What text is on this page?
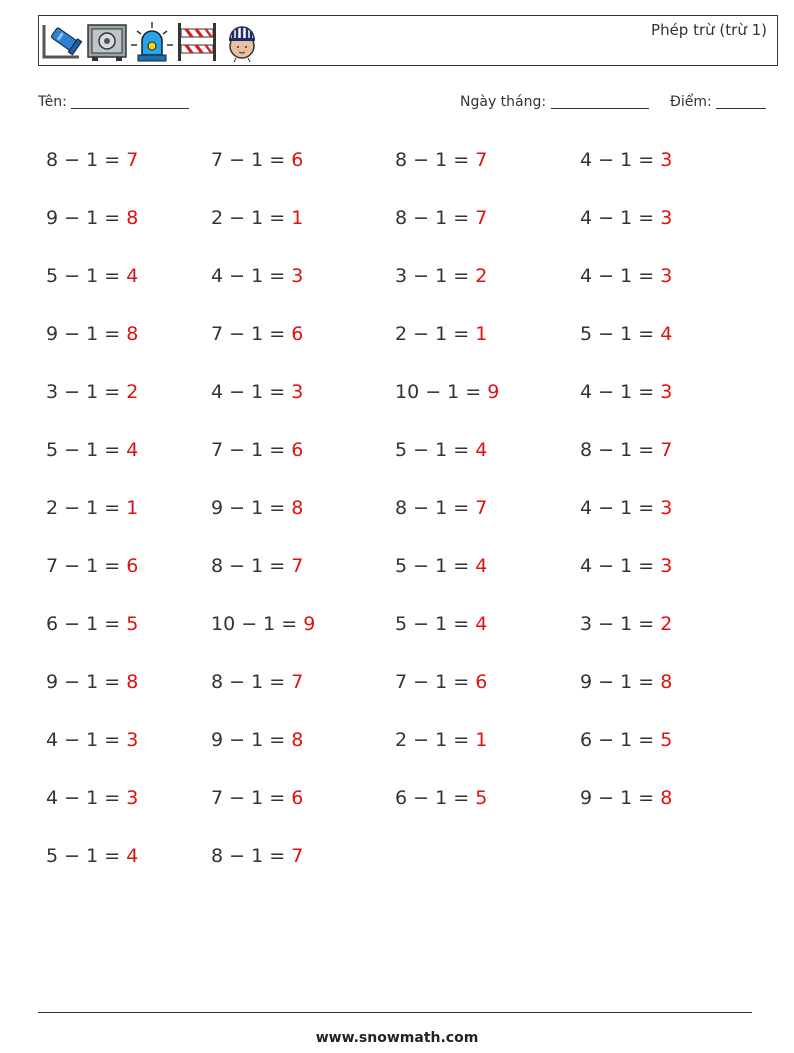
Phép trừ (trừ 1)
Tên:	Ngày tháng:	Điểm:
8 − 1 = 7	7 − 1 = 6	8 − 1 = 7	4 − 1 = 3
9 − 1 = 8	2 − 1 = 1	8 − 1 = 7	4 − 1 = 3
5 − 1 = 4	4 − 1 = 3	3 − 1 = 2	4 − 1 = 3
9 − 1 = 8	7 − 1 = 6	2 − 1 = 1	5 − 1 = 4
3 − 1 = 2	4 − 1 = 3	10 − 1 = 9	4 − 1 = 3
5 − 1 = 4	7 − 1 = 6	5 − 1 = 4	8 − 1 = 7
2 − 1 = 1	9 − 1 = 8	8 − 1 = 7	4 − 1 = 3
7 − 1 = 6	8 − 1 = 7	5 − 1 = 4	4 − 1 = 3
6 − 1 = 5	10 − 1 = 9	5 − 1 = 4	3 − 1 = 2
9 − 1 = 8	8 − 1 = 7	7 − 1 = 6	9 − 1 = 8
4 − 1 = 3	9 − 1 = 8	2 − 1 = 1	6 − 1 = 5
4 − 1 = 3	7 − 1 = 6	6 − 1 = 5	9 − 1 = 8
5 − 1 = 4	8 − 1 = 7
www.snowmath.com
